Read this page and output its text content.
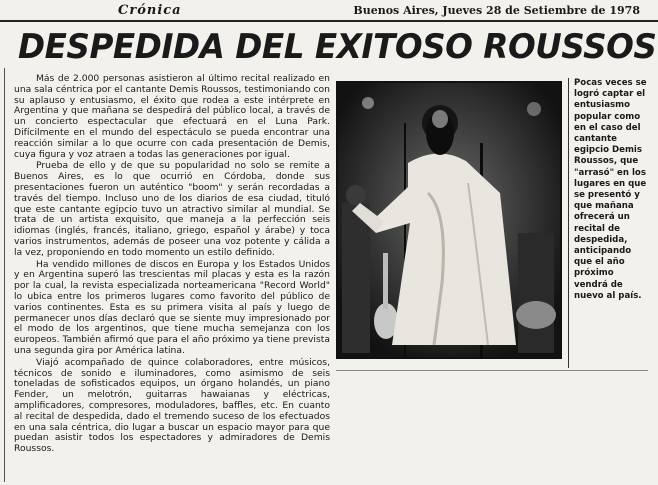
Crónica	Buenos Aires, Jueves 28 de Setiembre de 1978
DESPEDIDA DEL EXITOSO ROUSSOS

Más de 2.000 personas asistieron al último recital realizado en una sala céntrica por el cantante Demis Roussos, testimoniando con su aplauso y entusiasmo, el éxito que rodea a este intérprete en Argentina y que mañana se despedirá del público local, a través de un concierto espectacular que efectuará en el Luna Park. Difícilmente en el mundo del espectáculo se pueda encontrar una reacción similar a lo que ocurre con cada presentación de Demis, cuya figura y voz atraen a todas las generaciones por igual.

Prueba de ello y de que su popularidad no solo se remite a Buenos Aires, es lo que ocurrió en Córdoba, donde sus presentaciones fueron un auténtico "boom" y serán recordadas a través del tiempo. Incluso uno de los diarios de esa ciudad, tituló que este cantante egipcio tuvo un atractivo similar al mundial. Se trata de un artista exquisito, que maneja a la perfección seis idiomas (inglés, francés, italiano, griego, español y árabe) y toca varios instrumentos, además de poseer una voz potente y cálida a la vez, proponiendo en todo momento un estilo definido.

Ha vendido millones de discos en Europa y los Estados Unidos y en Argentina superó las trescientas mil placas y esta es la razón por la cual, la revista especializada norteamericana "Record World" lo ubica entre los primeros lugares como favorito del público de varios continentes. Esta es su primera visita al país y luego de permanecer unos días declaró que se siente muy impresionado por el modo de los argentinos, que tiene mucha semejanza con los europeos. También afirmó que para el año próximo ya tiene prevista una segunda gira por América latina.

Viajó acompañado de quince colaboradores, entre músicos, técnicos de sonido e iluminadores, como asimismo de seis toneladas de sofisticados equipos, un órgano holandés, un piano Fender, un melotrón, guitarras hawaianas y eléctricas, amplificadores, compresores, moduladores, baffles, etc. En cuanto al recital de despedida, dado el tremendo suceso de los efectuados en una sala céntrica, dio lugar a buscar un espacio mayor para que puedan asistir todos los espectadores y admiradores de Demis Roussos.

Pocas veces se logró captar el entusiasmo popular como en el caso del cantante egipcio Demis Roussos, que "arrasó" en los lugares en que se presentó y que mañana ofrecerá un recital de despedida, anticipando que el año próximo vendrá de nuevo al país.
